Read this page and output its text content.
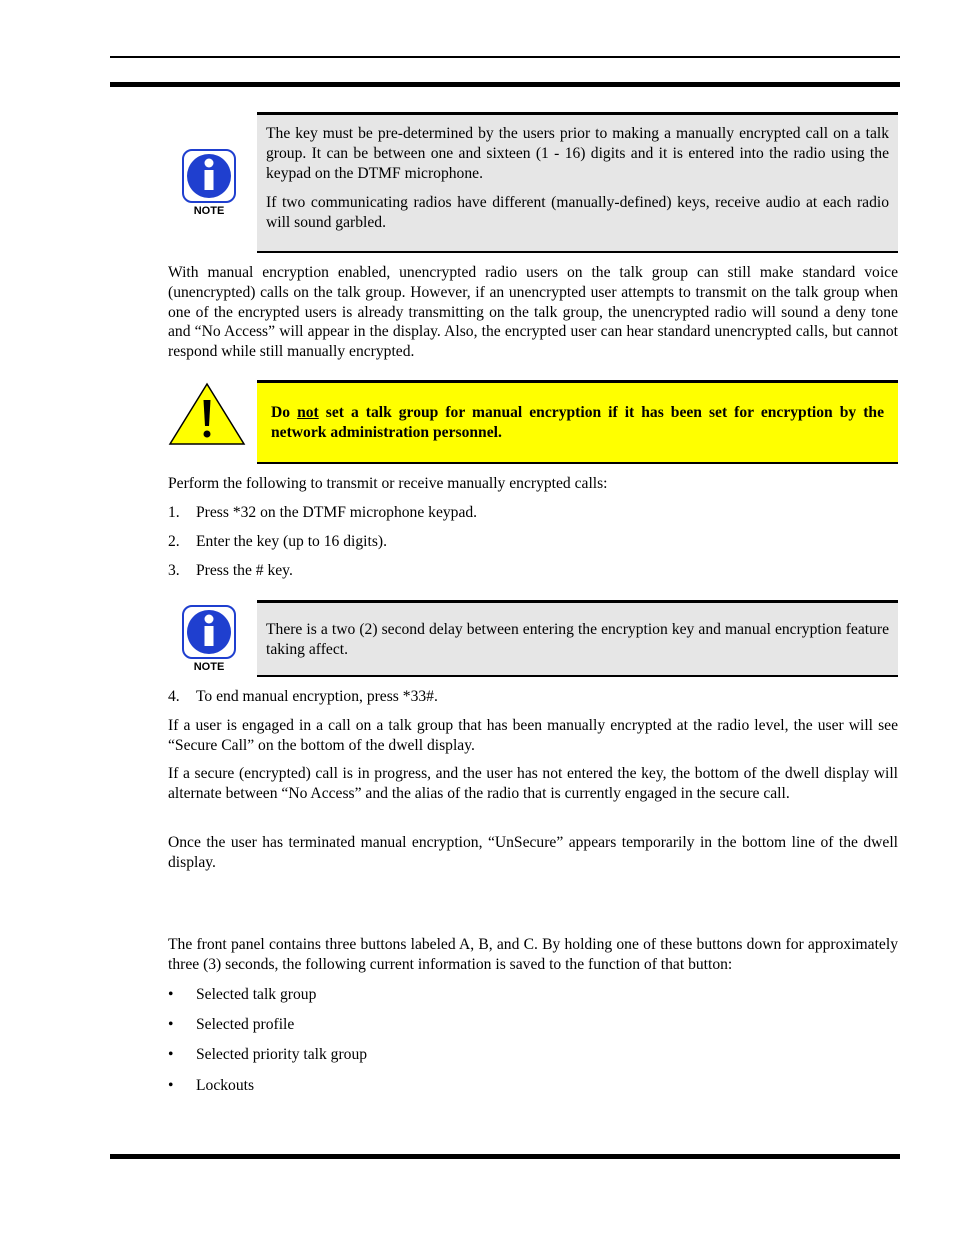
NOTE

The key must be pre-determined by the users prior to making a manually encrypted call on a talk group. It can be between one and sixteen (1 - 16) digits and it is entered into the radio using the keypad on the DTMF microphone.

If two communicating radios have different (manually-defined) keys, receive audio at each radio will sound garbled.

With manual encryption enabled, unencrypted radio users on the talk group can still make standard voice (unencrypted) calls on the talk group. However, if an unencrypted user attempts to transmit on the talk group when one of the encrypted users is already transmitting on the talk group, the unencrypted radio will sound a deny tone and “No Access” will appear in the display. Also, the encrypted user can hear standard unencrypted calls, but cannot respond while still manually encrypted.

Do not set a talk group for manual encryption if it has been set for encryption by the network administration personnel.

Perform the following to transmit or receive manually encrypted calls:

1. Press *32 on the DTMF microphone keypad.
2. Enter the key (up to 16 digits).
3. Press the # key.
NOTE

There is a two (2) second delay between entering the encryption key and manual encryption feature taking affect.

4. To end manual encryption, press *33#.

If a user is engaged in a call on a talk group that has been manually encrypted at the radio level, the user will see “Secure Call” on the bottom of the dwell display.

If a secure (encrypted) call is in progress, and the user has not entered the key, the bottom of the dwell display will alternate between “No Access” and the alias of the radio that is currently engaged in the secure call.

Once the user has terminated manual encryption, “UnSecure” appears temporarily in the bottom line of the dwell display.

The front panel contains three buttons labeled A, B, and C. By holding one of these buttons down for approximately three (3) seconds, the following current information is saved to the function of that button:

• Selected talk group
• Selected profile
• Selected priority talk group
• Lockouts
